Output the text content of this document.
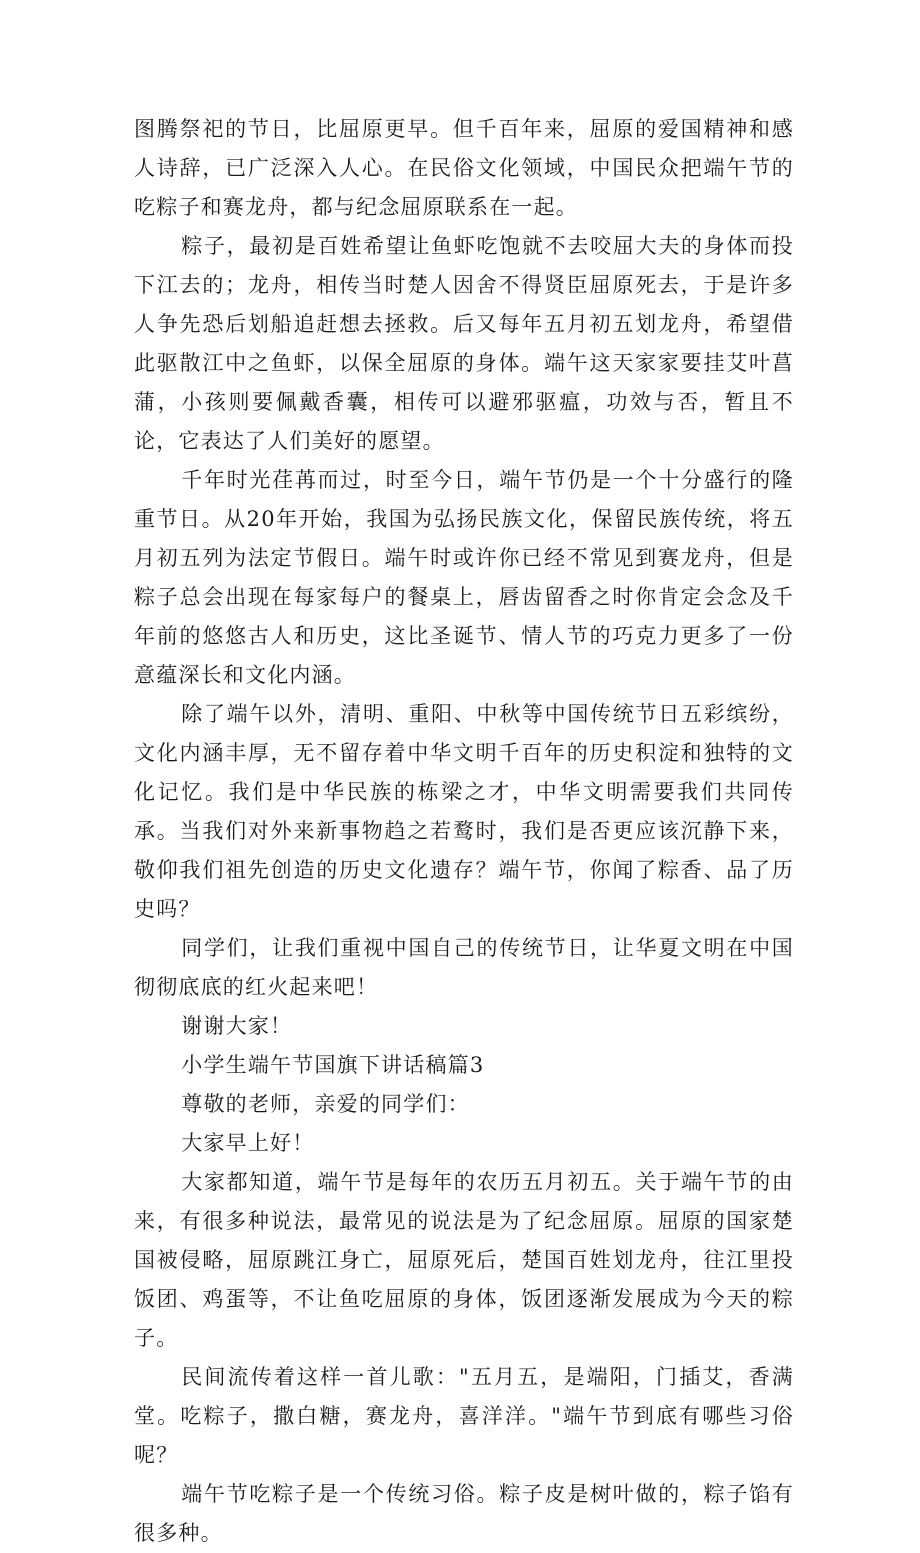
图腾祭祀的节日，比屈原更早。但千百年来，屈原的爱国精神和感人诗辞，已广泛深入人心。在民俗文化领域，中国民众把端午节的吃粽子和赛龙舟，都与纪念屈原联系在一起。

粽子，最初是百姓希望让鱼虾吃饱就不去咬屈大夫的身体而投下江去的；龙舟，相传当时楚人因舍不得贤臣屈原死去，于是许多人争先恐后划船追赶想去拯救。后又每年五月初五划龙舟，希望借此驱散江中之鱼虾，以保全屈原的身体。端午这天家家要挂艾叶菖蒲，小孩则要佩戴香囊，相传可以避邪驱瘟，功效与否，暂且不论，它表达了人们美好的愿望。

千年时光荏苒而过，时至今日，端午节仍是一个十分盛行的隆重节日。从20年开始，我国为弘扬民族文化，保留民族传统，将五月初五列为法定节假日。端午时或许你已经不常见到赛龙舟，但是粽子总会出现在每家每户的餐桌上，唇齿留香之时你肯定会念及千年前的悠悠古人和历史，这比圣诞节、情人节的巧克力更多了一份意蕴深长和文化内涵。

除了端午以外，清明、重阳、中秋等中国传统节日五彩缤纷，文化内涵丰厚，无不留存着中华文明千百年的历史积淀和独特的文化记忆。我们是中华民族的栋梁之才，中华文明需要我们共同传承。当我们对外来新事物趋之若鹜时，我们是否更应该沉静下来，敬仰我们祖先创造的历史文化遗存？端午节，你闻了粽香、品了历史吗？

同学们，让我们重视中国自己的传统节日，让华夏文明在中国彻彻底底的红火起来吧！

谢谢大家！

小学生端午节国旗下讲话稿篇3

尊敬的老师，亲爱的同学们：

大家早上好！

大家都知道，端午节是每年的农历五月初五。关于端午节的由来，有很多种说法，最常见的说法是为了纪念屈原。屈原的国家楚国被侵略，屈原跳江身亡，屈原死后，楚国百姓划龙舟，往江里投饭团、鸡蛋等，不让鱼吃屈原的身体，饭团逐渐发展成为今天的粽子。

民间流传着这样一首儿歌："五月五，是端阳，门插艾，香满堂。吃粽子，撒白糖，赛龙舟，喜洋洋。"端午节到底有哪些习俗呢？

端午节吃粽子是一个传统习俗。粽子皮是树叶做的，粽子馅有很多种。
